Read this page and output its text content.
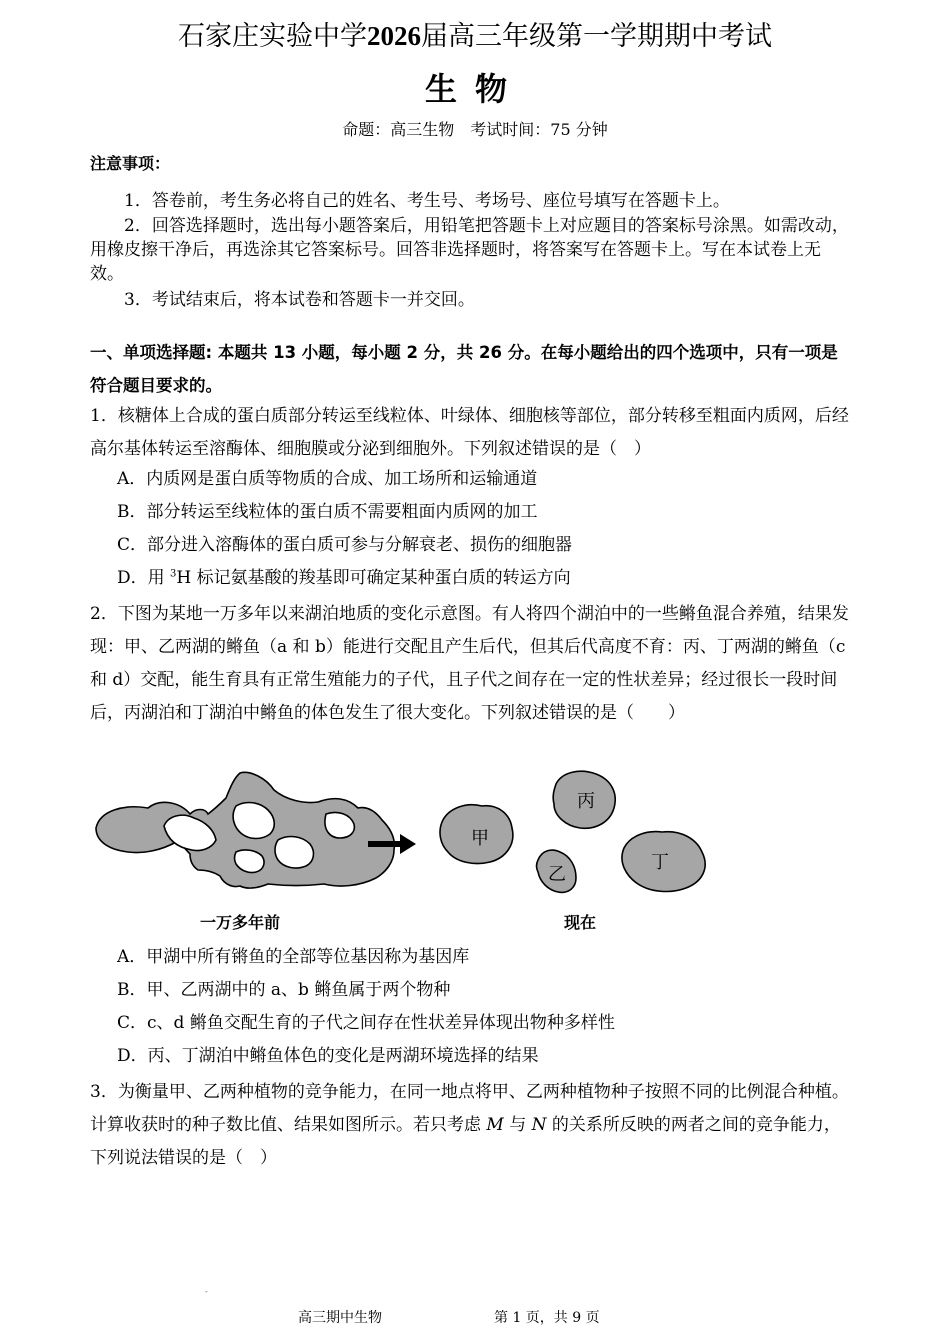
石家庄实验中学2026届高三年级第一学期期中考试
生物
命题：高三生物　考试时间：75 分钟
注意事项：
1．答卷前，考生务必将自己的姓名、考生号、考场号、座位号填写在答题卡上。
2．回答选择题时，选出每小题答案后，用铅笔把答题卡上对应题目的答案标号涂黑。如需改动，用橡皮擦干净后，再选涂其它答案标号。回答非选择题时，将答案写在答题卡上。写在本试卷上无效。
3．考试结束后，将本试卷和答题卡一并交回。
一、单项选择题: 本题共 13 小题，每小题 2 分，共 26 分。在每小题给出的四个选项中，只有一项是符合题目要求的。
1．核糖体上合成的蛋白质部分转运至线粒体、叶绿体、细胞核等部位，部分转移至粗面内质网，后经高尔基体转运至溶酶体、细胞膜或分泌到细胞外。下列叙述错误的是（　）
A．内质网是蛋白质等物质的合成、加工场所和运输通道
B．部分转运至线粒体的蛋白质不需要粗面内质网的加工
C．部分进入溶酶体的蛋白质可参与分解衰老、损伤的细胞器
D．用 $^3$H 标记氨基酸的羧基即可确定某种蛋白质的转运方向
2．下图为某地一万多年以来湖泊地质的变化示意图。有人将四个湖泊中的一些鳉鱼混合养殖，结果发现：甲、乙两湖的鳉鱼（a 和 b）能进行交配且产生后代，但其后代高度不育：丙、丁两湖的鳉鱼（c 和 d）交配，能生育具有正常生殖能力的子代，且子代之间存在一定的性状差异；经过很长一段时间后，丙湖泊和丁湖泊中鳉鱼的体色发生了很大变化。下列叙述错误的是（　　）
甲
丙
乙
丁
一万多年前	现在
A．甲湖中所有锵鱼的全部等位基因称为基因库
B．甲、乙两湖中的 a、b 鳉鱼属于两个物种
C．c、d 鳉鱼交配生育的子代之间存在性状差异体现出物种多样性
D．丙、丁湖泊中鳉鱼体色的变化是两湖环境选择的结果
3．为衡量甲、乙两种植物的竞争能力，在同一地点将甲、乙两种植物种子按照不同的比例混合种植。计算收获时的种子数比值、结果如图所示。若只考虑 M 与 N 的关系所反映的两者之间的竞争能力，下列说法错误的是（　）
-
高三期中生物	第 1 页，共 9 页
